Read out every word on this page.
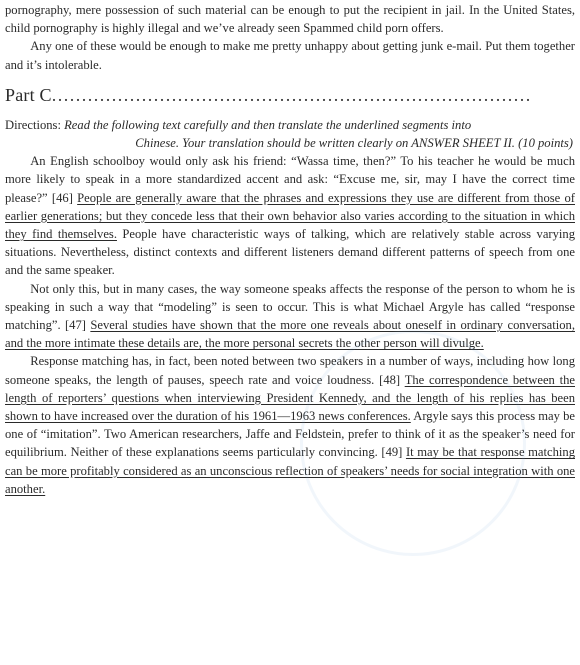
pornography, mere possession of such material can be enough to put the recipient in jail. In the United States, child pornography is highly illegal and we’ve already seen Spammed child porn offers.

Any one of these would be enough to make me pretty unhappy about getting junk e-mail. Put them together and it’s intolerable.

Part C................................................................................

Directions: Read the following text carefully and then translate the underlined segments into
Chinese. Your translation should be written clearly on ANSWER SHEET II. (10 points)

An English schoolboy would only ask his friend: “Wassa time, then?” To his teacher he would be much more likely to speak in a more standardized accent and ask: “Excuse me, sir, may I have the correct time please?” [46] People are generally aware that the phrases and expressions they use are different from those of earlier generations; but they concede less that their own behavior also varies according to the situation in which they find themselves. People have characteristic ways of talking, which are relatively stable across varying situations. Nevertheless, distinct contexts and different listeners demand different patterns of speech from one and the same speaker.

Not only this, but in many cases, the way someone speaks affects the response of the person to whom he is speaking in such a way that “modeling” is seen to occur. This is what Michael Argyle has called “response matching”. [47] Several studies have shown that the more one reveals about oneself in ordinary conversation, and the more intimate these details are, the more personal secrets the other person will divulge.

Response matching has, in fact, been noted between two speakers in a number of ways, including how long someone speaks, the length of pauses, speech rate and voice loudness. [48] The correspondence between the length of reporters’ questions when interviewing President Kennedy, and the length of his replies has been shown to have increased over the duration of his 1961—1963 news conferences. Argyle says this process may be one of “imitation”. Two American researchers, Jaffe and Feldstein, prefer to think of it as the speaker’s need for equilibrium. Neither of these explanations seems particularly convincing. [49] It may be that response matching can be more profitably considered as an unconscious reflection of speakers’ needs for social integration with one another.
